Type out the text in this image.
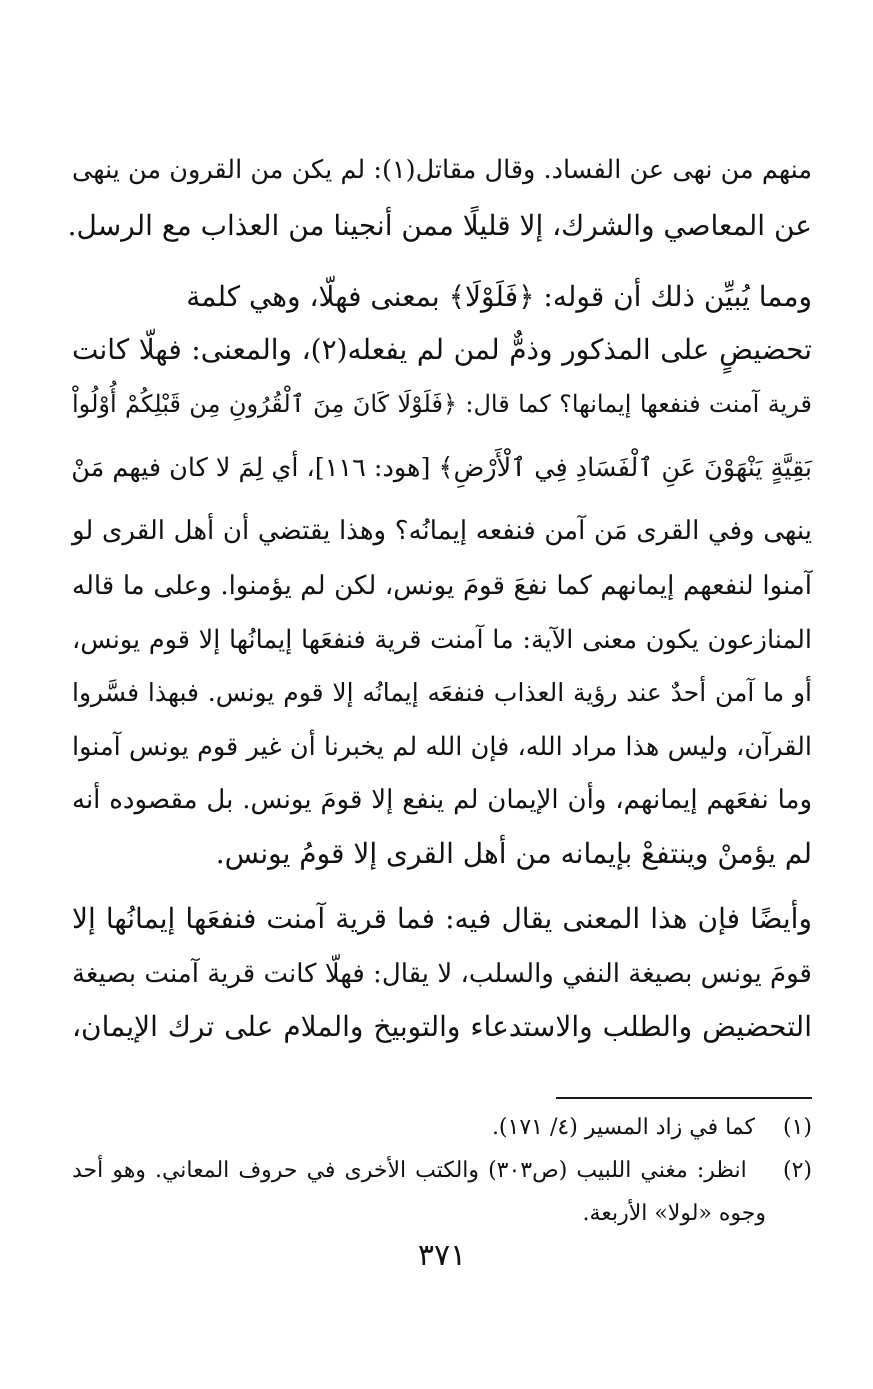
منهم من نهى عن الفساد. وقال مقاتل(١): لم يكن من القرون من ينهى
عن المعاصي والشرك، إلا قليلًا ممن أنجينا من العذاب مع الرسل.
ومما يُبيِّن ذلك أن قوله: ﴿فَلَوْلَا﴾ بمعنى فهلّا، وهي كلمة
تحضيضٍ على المذكور وذمٌّ لمن لم يفعله(٢)، والمعنى: فهلّا كانت
قرية آمنت فنفعها إيمانها؟ كما قال: ﴿فَلَوْلَا كَانَ مِنَ ٱلْقُرُونِ مِن قَبْلِكُمْ أُوْلُواْ
بَقِيَّةٍ يَنْهَوْنَ عَنِ ٱلْفَسَادِ فِي ٱلْأَرْضِ﴾ [هود: ١١٦]، أي لِمَ لا كان فيهم مَنْ
ينهى وفي القرى مَن آمن فنفعه إيمانُه؟ وهذا يقتضي أن أهل القرى لو
آمنوا لنفعهم إيمانهم كما نفعَ قومَ يونس، لكن لم يؤمنوا. وعلى ما قاله
المنازعون يكون معنى الآية: ما آمنت قرية فنفعَها إيمانُها إلا قوم يونس،
أو ما آمن أحدٌ عند رؤية العذاب فنفعَه إيمانُه إلا قوم يونس. فبهذا فسَّروا
القرآن، وليس هذا مراد الله، فإن الله لم يخبرنا أن غير قوم يونس آمنوا
وما نفعَهم إيمانهم، وأن الإيمان لم ينفع إلا قومَ يونس. بل مقصوده أنه
لم يؤمنْ وينتفعْ بإيمانه من أهل القرى إلا قومُ يونس.
وأيضًا فإن هذا المعنى يقال فيه: فما قرية آمنت فنفعَها إيمانُها إلا
قومَ يونس بصيغة النفي والسلب، لا يقال: فهلّا كانت قرية آمنت بصيغة
التحضيض والطلب والاستدعاء والتوبيخ والملام على ترك الإيمان،
(١)    كما في زاد المسير (٤/ ١٧١).
(٢)    انظر: مغني اللبيب (ص٣٠٣) والكتب الأخرى في حروف المعاني. وهو أحد
وجوه «لولا» الأربعة.
٣٧١
